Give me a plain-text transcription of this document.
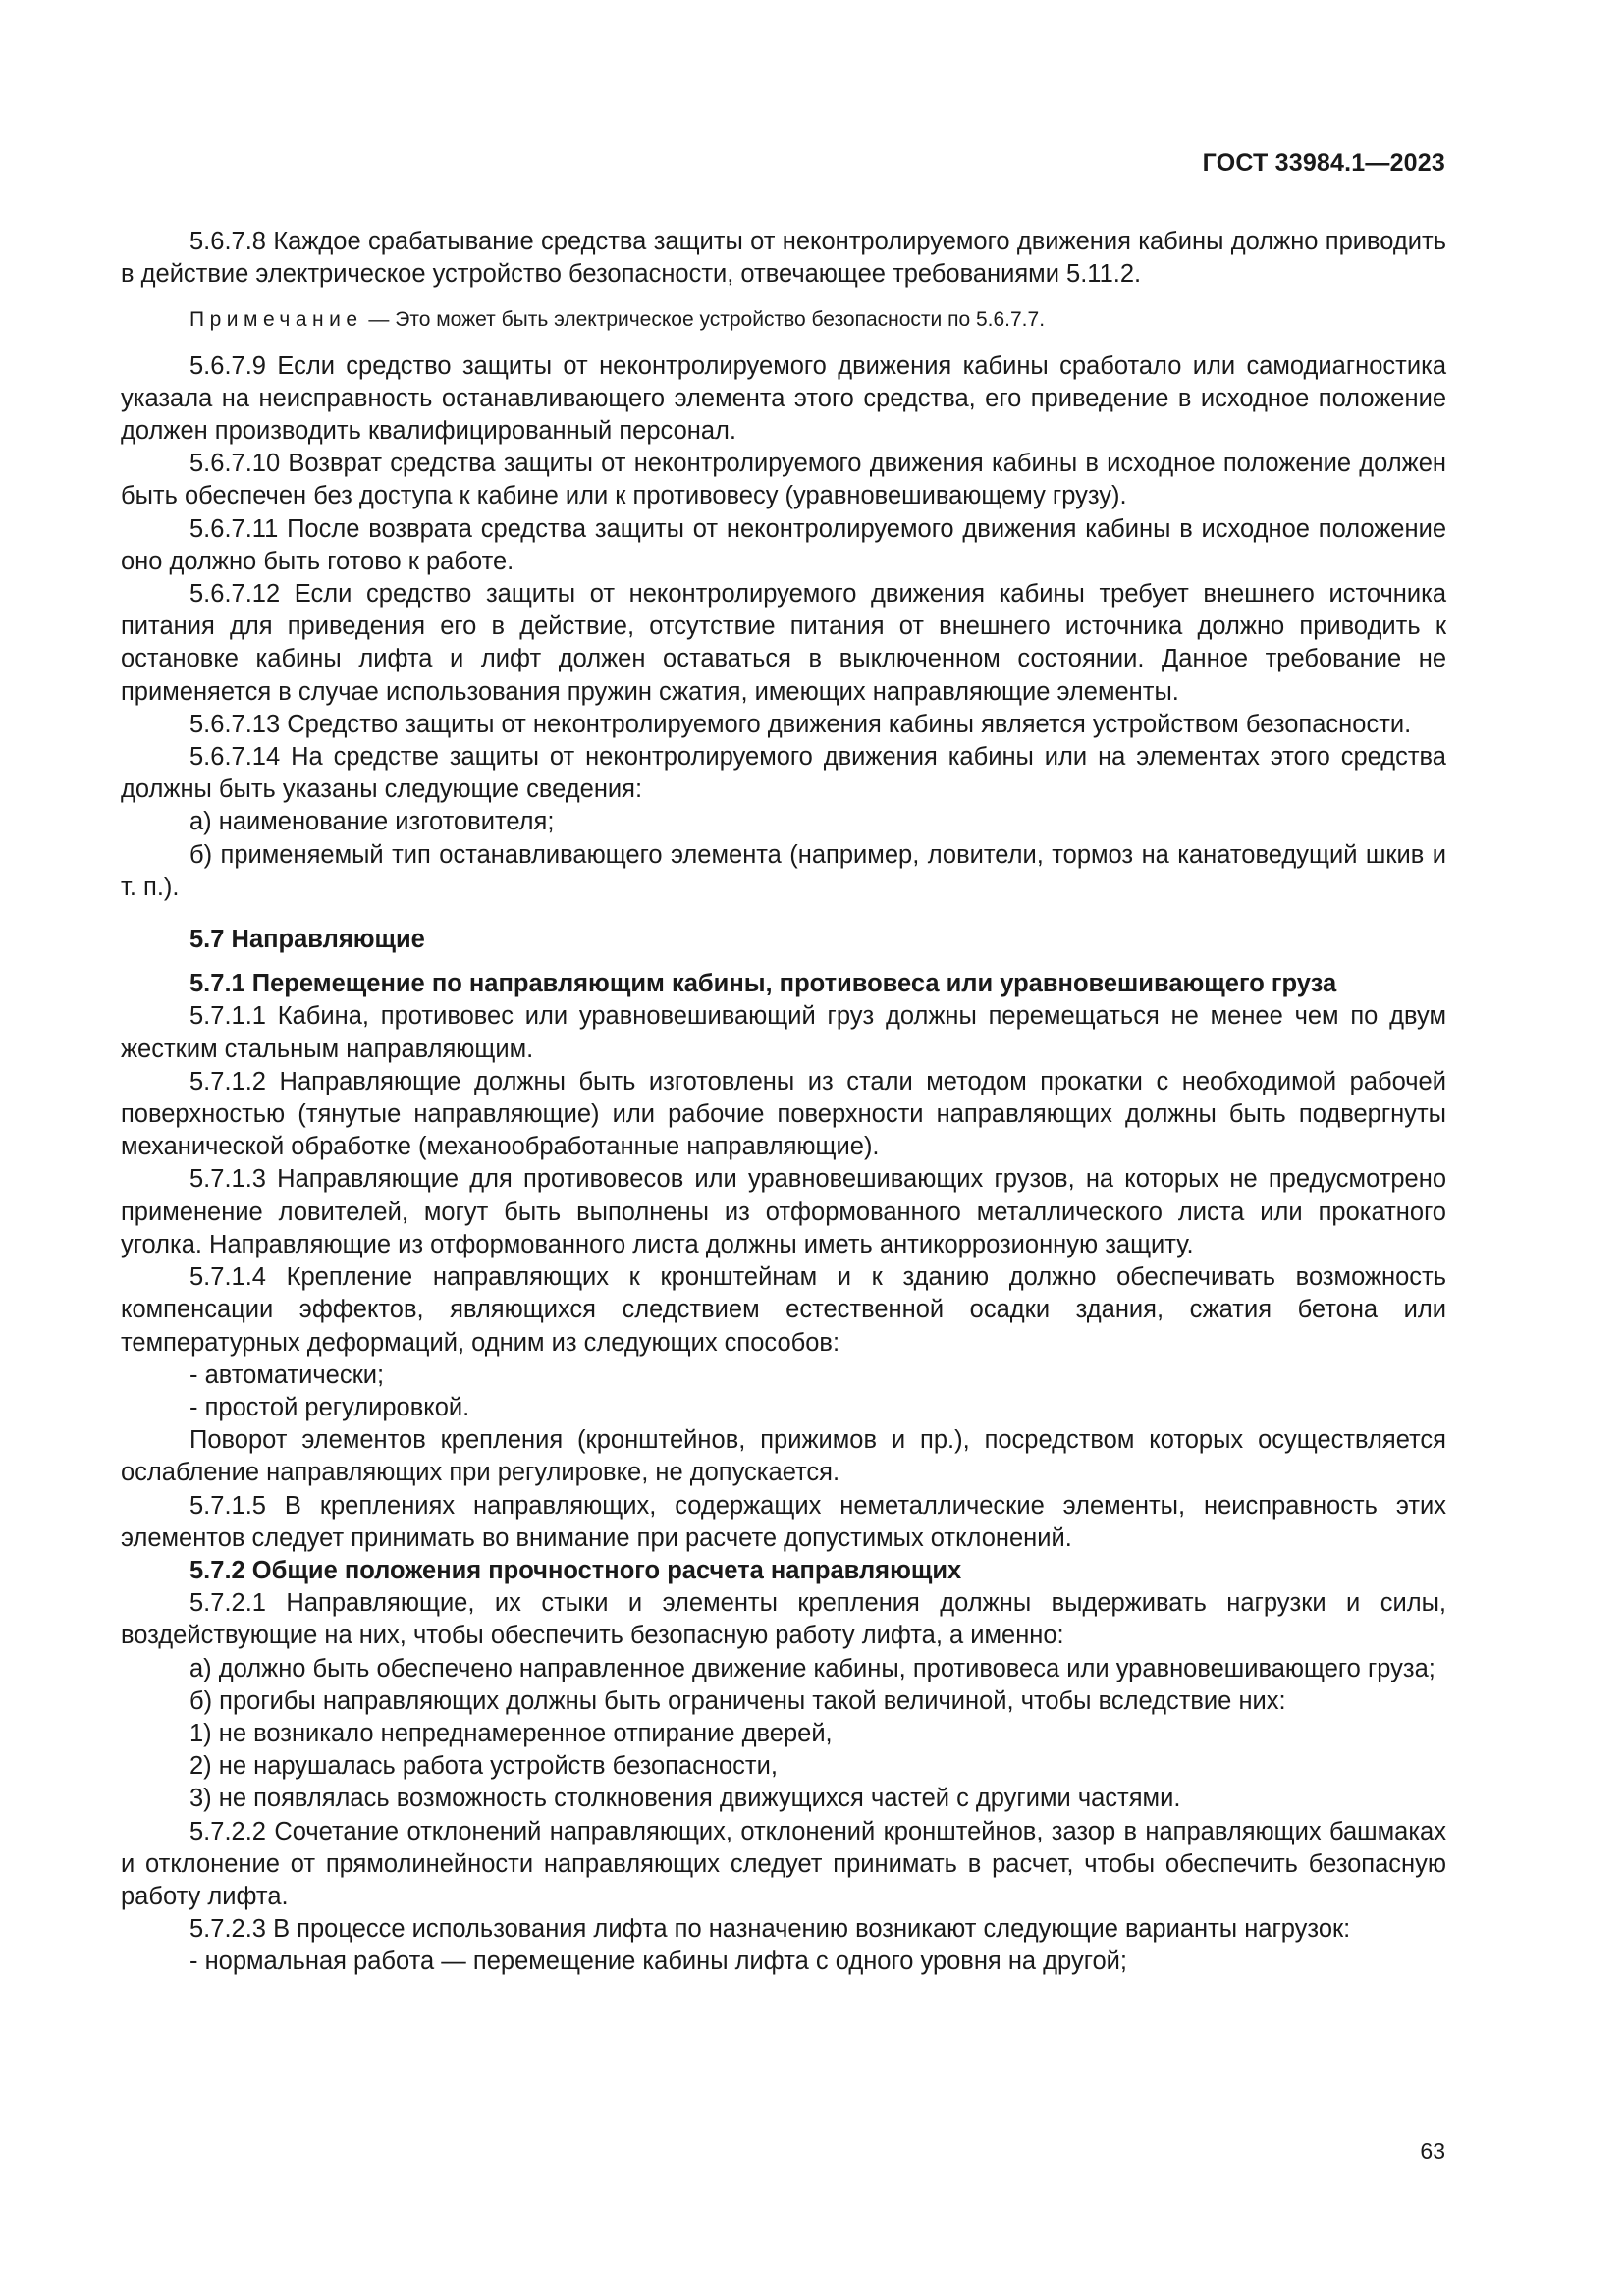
ГОСТ 33984.1—2023

5.6.7.8 Каждое срабатывание средства защиты от неконтролируемого движения кабины должно приводить в действие электрическое устройство безопасности, отвечающее требованиями 5.11.2.

Примечание — Это может быть электрическое устройство безопасности по 5.6.7.7.

5.6.7.9 Если средство защиты от неконтролируемого движения кабины сработало или самодиагностика указала на неисправность останавливающего элемента этого средства, его приведение в исходное положение должен производить квалифицированный персонал.

5.6.7.10 Возврат средства защиты от неконтролируемого движения кабины в исходное положение должен быть обеспечен без доступа к кабине или к противовесу (уравновешивающему грузу).

5.6.7.11 После возврата средства защиты от неконтролируемого движения кабины в исходное положение оно должно быть готово к работе.

5.6.7.12 Если средство защиты от неконтролируемого движения кабины требует внешнего источника питания для приведения его в действие, отсутствие питания от внешнего источника должно приводить к остановке кабины лифта и лифт должен оставаться в выключенном состоянии. Данное требование не применяется в случае использования пружин сжатия, имеющих направляющие элементы.

5.6.7.13 Средство защиты от неконтролируемого движения кабины является устройством безопасности.

5.6.7.14 На средстве защиты от неконтролируемого движения кабины или на элементах этого средства должны быть указаны следующие сведения:

а) наименование изготовителя;

б) применяемый тип останавливающего элемента (например, ловители, тормоз на канатоведущий шкив и т. п.).

5.7 Направляющие

5.7.1 Перемещение по направляющим кабины, противовеса или уравновешивающего груза

5.7.1.1 Кабина, противовес или уравновешивающий груз должны перемещаться не менее чем по двум жестким стальным направляющим.

5.7.1.2 Направляющие должны быть изготовлены из стали методом прокатки с необходимой рабочей поверхностью (тянутые направляющие) или рабочие поверхности направляющих должны быть подвергнуты механической обработке (механообработанные направляющие).

5.7.1.3 Направляющие для противовесов или уравновешивающих грузов, на которых не предусмотрено применение ловителей, могут быть выполнены из отформованного металлического листа или прокатного уголка. Направляющие из отформованного листа должны иметь антикоррозионную защиту.

5.7.1.4 Крепление направляющих к кронштейнам и к зданию должно обеспечивать возможность компенсации эффектов, являющихся следствием естественной осадки здания, сжатия бетона или температурных деформаций, одним из следующих способов:

- автоматически;

- простой регулировкой.

Поворот элементов крепления (кронштейнов, прижимов и пр.), посредством которых осуществляется ослабление направляющих при регулировке, не допускается.

5.7.1.5 В креплениях направляющих, содержащих неметаллические элементы, неисправность этих элементов следует принимать во внимание при расчете допустимых отклонений.

5.7.2 Общие положения прочностного расчета направляющих

5.7.2.1 Направляющие, их стыки и элементы крепления должны выдерживать нагрузки и силы, воздействующие на них, чтобы обеспечить безопасную работу лифта, а именно:

а) должно быть обеспечено направленное движение кабины, противовеса или уравновешивающего груза;

б) прогибы направляющих должны быть ограничены такой величиной, чтобы вследствие них:

1) не возникало непреднамеренное отпирание дверей,

2) не нарушалась работа устройств безопасности,

3) не появлялась возможность столкновения движущихся частей с другими частями.

5.7.2.2 Сочетание отклонений направляющих, отклонений кронштейнов, зазор в направляющих башмаках и отклонение от прямолинейности направляющих следует принимать в расчет, чтобы обеспечить безопасную работу лифта.

5.7.2.3 В процессе использования лифта по назначению возникают следующие варианты нагрузок:

- нормальная работа — перемещение кабины лифта с одного уровня на другой;

63
